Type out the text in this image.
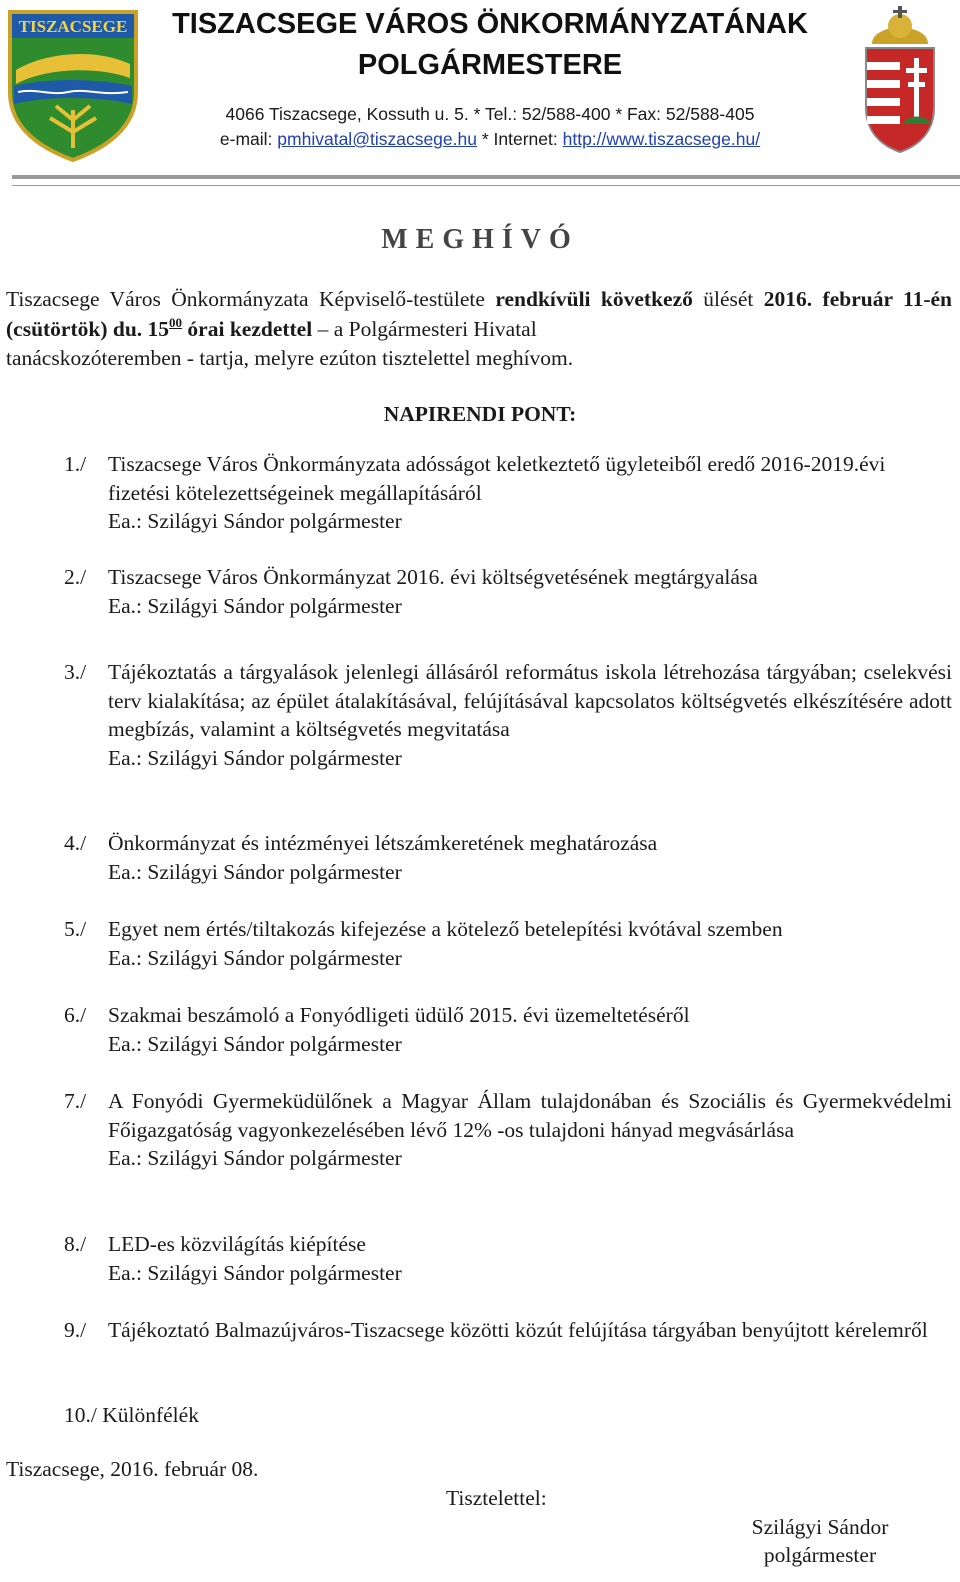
TISZACSEGE	TISZACSEGE VÁROS ÖNKORMÁNYZATÁNAK
POLGÁRMESTERE
4066 Tiszacsege, Kossuth u. 5. * Tel.: 52/588-400 * Fax: 52/588-405
e-mail: pmhivatal@tiszacsege.hu * Internet: http://www.tiszacsege.hu/
MEGHÍVÓ
Tiszacsege Város Önkormányzata Képviselő-testülete rendkívüli következő ülését 2016. február 11-én (csütörtök) du. $15^{00}$ órai kezdettel – a Polgármesteri Hivatal
tanácskozóteremben - tartja, melyre ezúton tisztelettel meghívom.
NAPIRENDI PONT:
1./ Tiszacsege Város Önkormányzata adósságot keletkeztető ügyleteiből eredő 2016-2019.évi fizetési kötelezettségeinek megállapításáról
Ea.: Szilágyi Sándor polgármester
2./ Tiszacsege Város Önkormányzat 2016. évi költségvetésének megtárgyalása
Ea.: Szilágyi Sándor polgármester
3./ Tájékoztatás a tárgyalások jelenlegi állásáról református iskola létrehozása tárgyában; cselekvési terv kialakítása; az épület átalakításával, felújításával kapcsolatos költségvetés elkészítésére adott megbízás, valamint a költségvetés megvitatása
Ea.: Szilágyi Sándor polgármester
4./ Önkormányzat és intézményei létszámkeretének meghatározása
Ea.: Szilágyi Sándor polgármester
5./ Egyet nem értés/tiltakozás kifejezése a kötelező betelepítési kvótával szemben
Ea.: Szilágyi Sándor polgármester
6./ Szakmai beszámoló a Fonyódligeti üdülő 2015. évi üzemeltetéséről
Ea.: Szilágyi Sándor polgármester
7./ A Fonyódi Gyermeküdülőnek a Magyar Állam tulajdonában és Szociális és Gyermekvédelmi Főigazgatóság vagyonkezelésében lévő 12% -os tulajdoni hányad megvásárlása
Ea.: Szilágyi Sándor polgármester
8./ LED-es közvilágítás kiépítése
Ea.: Szilágyi Sándor polgármester
9./ Tájékoztató Balmazújváros-Tiszacsege közötti közút felújítása tárgyában benyújtott kérelemről
10./ Különfélék
Tiszacsege, 2016. február 08.
Tisztelettel:
Szilágyi Sándor
polgármester
